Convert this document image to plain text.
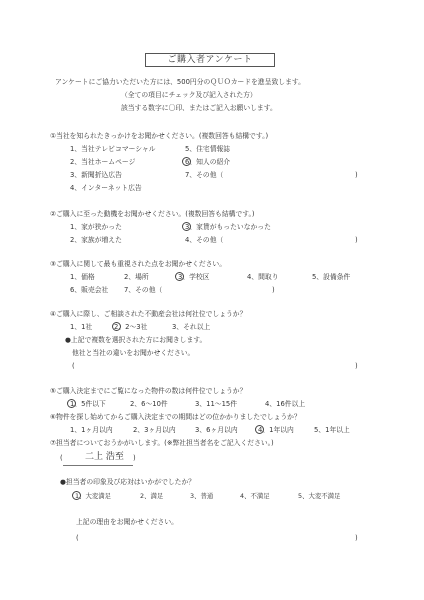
ご購入者アンケート
アンケートにご協力いただいた方には、500円分のＱＵＯカードを進呈致します。
（全ての項目にチェック及び記入された方）
該当する数字に〇印、またはご記入お願いします。
①当社を知られたきっかけをお聞かせください。(複数回答も結構です。)
1、当社テレビコマーシャル	5、住宅情報誌
2、当社ホームページ	6、知人の紹介
3、新聞折込広告	7、その他（	)
4、インターネット広告
②ご購入に至った動機をお聞かせください。(複数回答も結構です。)
1、家が狭かった	3、家賃がもったいなかった
2、家族が増えた	4、その他（	)
③ご購入に関して最も重視された点をお聞かせください。
1、価格	2、場所	3、学校区	4、間取り	5、設備条件
6、販売会社 7、その他（	)
④ご購入に際し、ご相談された不動産会社は何社位でしょうか？
1、1社	2、2～3社	3、それ以上
●上記で複数を選択された方にお聞きします。
他社と当社の違いをお聞かせください。
(	)
⑤ご購入決定までにご覧になった物件の数は何件位でしょうか？
1、5件以下	2、6～10件	3、11～15件	4、16件以上
⑥物件を探し始めてからご購入決定までの期間はどの位かかりましたでしょうか？
1、1ヶ月以内	2、3ヶ月以内	3、6ヶ月以内	4、1年以内	5、1年以上
⑦担当者についておうかがいします。(※弊社担当者名をご記入ください。)
( 二上 浩至 )
●担当者の印象及び応対はいかがでしたか？
1、大変満足	2、満足	3、普通	4、不満足	5、大変不満足
上記の理由をお聞かせください。
(	)
